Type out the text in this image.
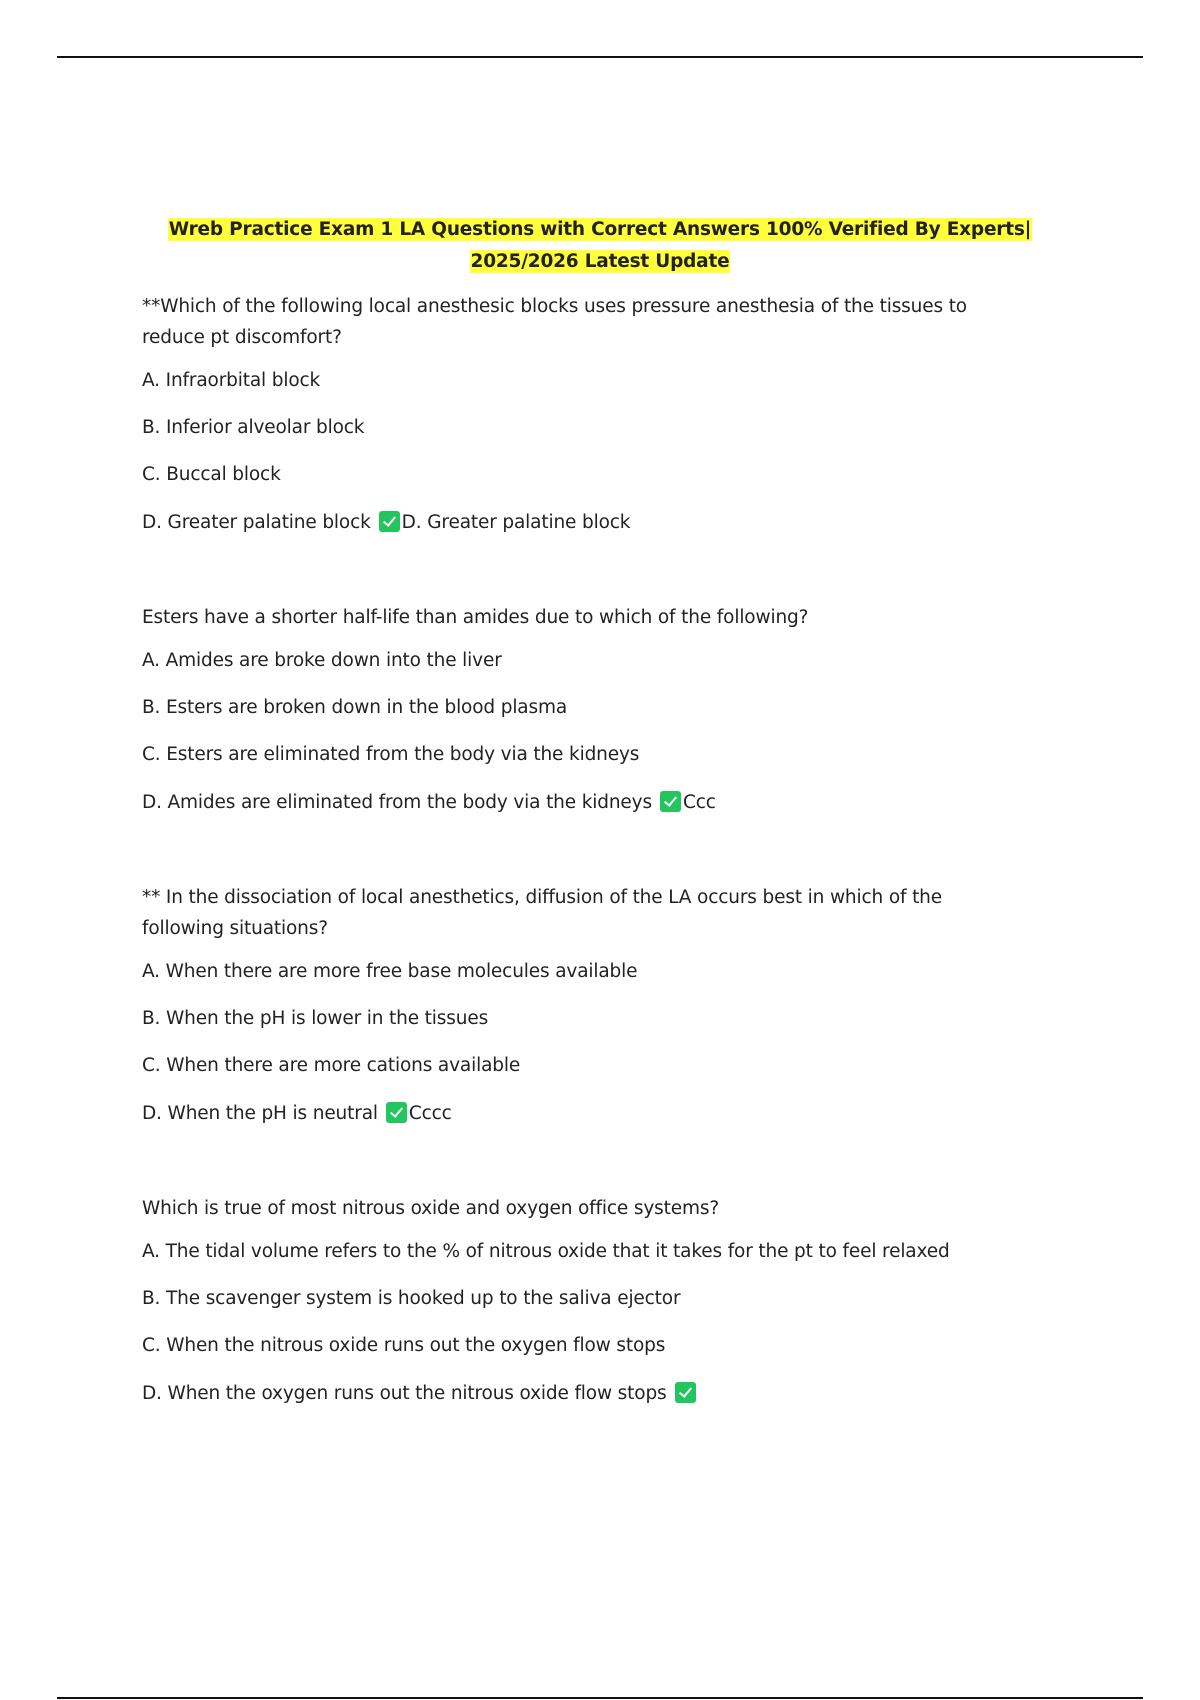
Wreb Practice Exam 1 LA Questions with Correct Answers 100% Verified By Experts|
2025/2026 Latest Update
**Which of the following local anesthesic blocks uses pressure anesthesia of the tissues to reduce pt discomfort?
A. Infraorbital block
B. Inferior alveolar block
C. Buccal block
D. Greater palatine block D. Greater palatine block
Esters have a shorter half-life than amides due to which of the following?
A. Amides are broke down into the liver
B. Esters are broken down in the blood plasma
C. Esters are eliminated from the body via the kidneys
D. Amides are eliminated from the body via the kidneys Ccc
** In the dissociation of local anesthetics, diffusion of the LA occurs best in which of the following situations?
A. When there are more free base molecules available
B. When the pH is lower in the tissues
C. When there are more cations available
D. When the pH is neutral Cccc
Which is true of most nitrous oxide and oxygen office systems?
A. The tidal volume refers to the % of nitrous oxide that it takes for the pt to feel relaxed
B. The scavenger system is hooked up to the saliva ejector
C. When the nitrous oxide runs out the oxygen flow stops
D. When the oxygen runs out the nitrous oxide flow stops
